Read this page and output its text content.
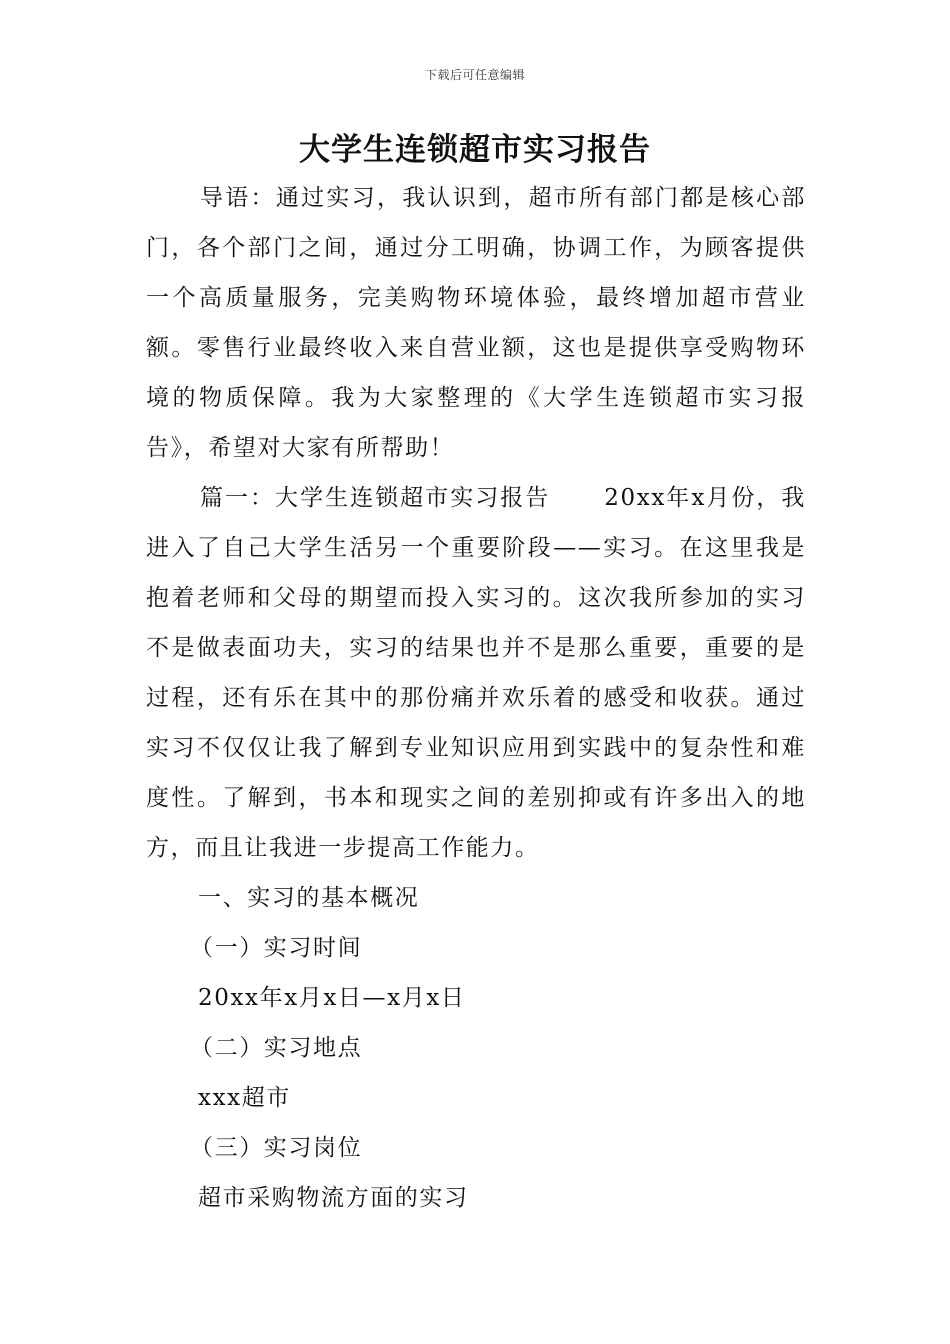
下载后可任意编辑
大学生连锁超市实习报告

导语：通过实习，我认识到，超市所有部门都是核心部门，各个部门之间，通过分工明确，协调工作，为顾客提供一个高质量服务，完美购物环境体验，最终增加超市营业额。零售行业最终收入来自营业额，这也是提供享受购物环境的物质保障。我为大家整理的《大学生连锁超市实习报告》，希望对大家有所帮助！

篇一：大学生连锁超市实习报告 20xx年x月份，我进入了自己大学生活另一个重要阶段——实习。在这里我是抱着老师和父母的期望而投入实习的。这次我所参加的实习不是做表面功夫，实习的结果也并不是那么重要，重要的是过程，还有乐在其中的那份痛并欢乐着的感受和收获。通过实习不仅仅让我了解到专业知识应用到实践中的复杂性和难度性。了解到，书本和现实之间的差别抑或有许多出入的地方，而且让我进一步提高工作能力。

一、实习的基本概况

（一）实习时间

20xx年x月x日—x月x日

（二）实习地点

xxx超市

（三）实习岗位

超市采购物流方面的实习
